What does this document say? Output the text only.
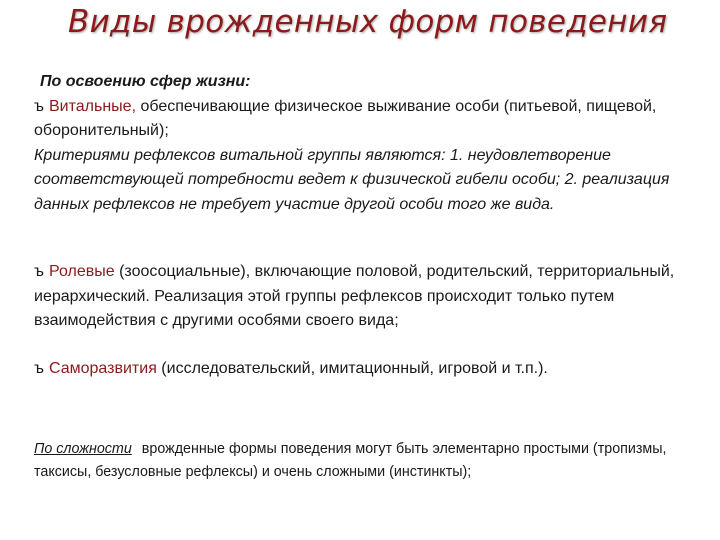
Виды врожденных форм поведения
По освоению сфер жизни:
ъ Витальные, обеспечивающие физическое выживание особи (питьевой, пищевой, оборонительный);
Критериями рефлексов витальной группы являются: 1. неудовлетворение соответствующей потребности ведет к физической гибели особи; 2. реализация данных рефлексов не требует участие другой особи того же вида.
ъ Ролевые (зоосоциальные), включающие половой, родительский, территориальный, иерархический. Реализация этой группы рефлексов происходит только путем взаимодействия с другими особями своего вида;
ъ Саморазвития (исследовательский, имитационный, игровой и т.п.).
По сложности врожденные формы поведения могут быть элементарно простыми (тропизмы, таксисы, безусловные рефлексы) и очень сложными (инстинкты);
